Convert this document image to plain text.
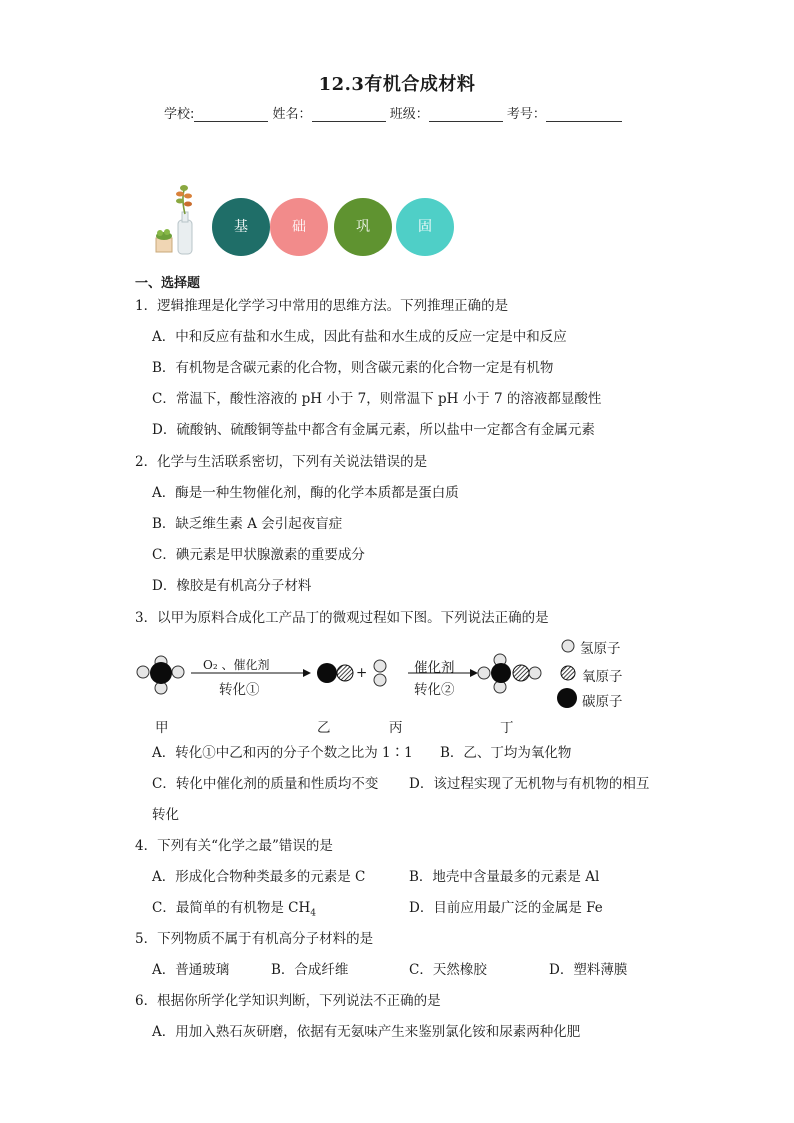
12.3有机合成材料
学校:	姓名：	班级：	考号：
基	础	巩	固
一、选择题
1．逻辑推理是化学学习中常用的思维方法。下列推理正确的是
A．中和反应有盐和水生成，因此有盐和水生成的反应一定是中和反应
B．有机物是含碳元素的化合物，则含碳元素的化合物一定是有机物
C．常温下，酸性溶液的 pH 小于 7，则常温下 pH 小于 7 的溶液都显酸性
D．硫酸钠、硫酸铜等盐中都含有金属元素，所以盐中一定都含有金属元素
2．化学与生活联系密切，下列有关说法错误的是
A．酶是一种生物催化剂，酶的化学本质都是蛋白质
B．缺乏维生素 A 会引起夜盲症
C．碘元素是甲状腺激素的重要成分
D．橡胶是有机高分子材料
3．以甲为原料合成化工产品丁的微观过程如下图。下列说法正确的是
O₂ 、催化剂
转化①
+	催化剂
转化②
氢原子
氧原子
碳原子
甲	乙	丙	丁
A．转化①中乙和丙的分子个数之比为 1∶1 B．乙、丁均为氧化物
C．转化中催化剂的质量和性质均不变 D．该过程实现了无机物与有机物的相互
转化
4．下列有关“化学之最”错误的是
A．形成化合物种类最多的元素是 C	B．地壳中含量最多的元素是 Al
C．最简单的有机物是 $CH_4$	D．目前应用最广泛的金属是 Fe
5．下列物质不属于有机高分子材料的是
A．普通玻璃	B．合成纤维	C．天然橡胶	D．塑料薄膜
6．根据你所学化学知识判断，下列说法不正确的是
A．用加入熟石灰研磨，依据有无氨味产生来鉴别氯化铵和尿素两种化肥
